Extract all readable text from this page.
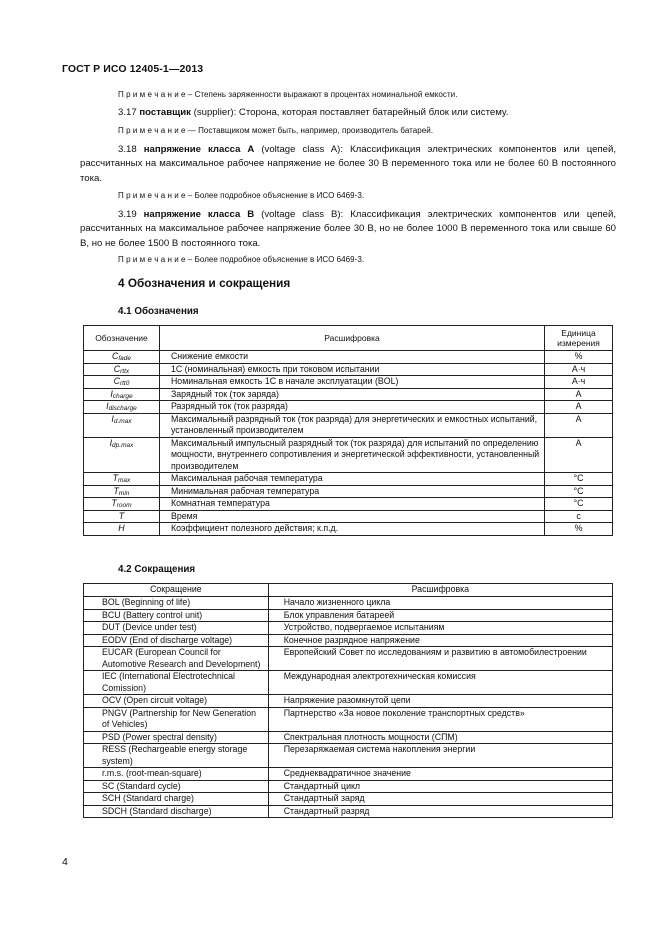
ГОСТ Р ИСО 12405-1—2013
П р и м е ч а н и е – Степень заряженности выражают в процентах номинальной емкости.
3.17 поставщик (supplier): Сторона, которая поставляет батарейный блок или систему.
П р и м е ч а н и е — Поставщиком может быть, например, производитель батарей.
3.18 напряжение класса A (voltage class A): Классификация электрических компонентов или цепей, рассчитанных на максимальное рабочее напряжение не более 30 В переменного тока или не более 60 В постоянного тока.
П р и м е ч а н и е – Более подробное объяснение в ИСО 6469-3.
3.19 напряжение класса B (voltage class B): Классификация электрических компонентов или цепей, рассчитанных на максимальное рабочее напряжение более 30 В, но не более 1000 В переменного тока или свыше 60 В, но не более 1500 В постоянного тока.
П р и м е ч а н и е – Более подробное объяснение в ИСО 6469-3.
4 Обозначения и сокращения
4.1 Обозначения
Обозначение	Расшифровка	Единица измерения
$C_{fade}$	Снижение емкости	%
$C_{rttx}$	1С (номинальная) емкость при токовом испытании	А·ч
$C_{rtt0}$	Номинальная емкость 1С в начале эксплуатации (BOL)	А·ч
$I_{charge}$	Зарядный ток (ток заряда)	А
$I_{discharge}$	Разрядный ток (ток разряда)	А
$I_{d.max}$	Максимальный разрядный ток (ток разряда) для энергетических и емкостных испытаний, установленный производителем	А
$I_{dp.max}$	Максимальный импульсный разрядный ток (ток разряда) для испытаний по определению мощности, внутреннего сопротивления и энергетической эффективности, установленный производителем	А
$T_{max}$	Максимальная рабочая температура	°C
$T_{min}$	Минимальная рабочая температура	°C
$T_{room}$	Комнатная температура	°C
T	Время	с
H	Коэффициент полезного действия; к.п.д.	%
4.2 Сокращения
Сокращение	Расшифровка
BOL (Beginning of life)	Начало жизненного цикла
BCU (Battery control unit)	Блок управления батареей
DUT (Device under test)	Устройство, подвергаемое испытаниям
EODV (End of discharge voltage)	Конечное разрядное напряжение
EUCAR (European Council for Automotive Research and Development)	Европейский Совет по исследованиям и развитию в автомобилестроении
IEC (International Electrotechnical Comission)	Международная электротехническая комиссия
OCV (Open circuit voltage)	Напряжение разомкнутой цепи
PNGV (Partnership for New Generation of Vehicles)	Партнерство «За новое поколение транспортных средств»
PSD (Power spectral density)	Спектральная плотность мощности (СПМ)
RESS (Rechargeable energy storage system)	Перезаряжаемая система накопления энергии
r.m.s. (root-mean-square)	Среднеквадратичное значение
SC (Standard cycle)	Стандартный цикл
SCH (Standard charge)	Стандартный заряд
SDCH (Standard discharge)	Стандартный разряд
4
